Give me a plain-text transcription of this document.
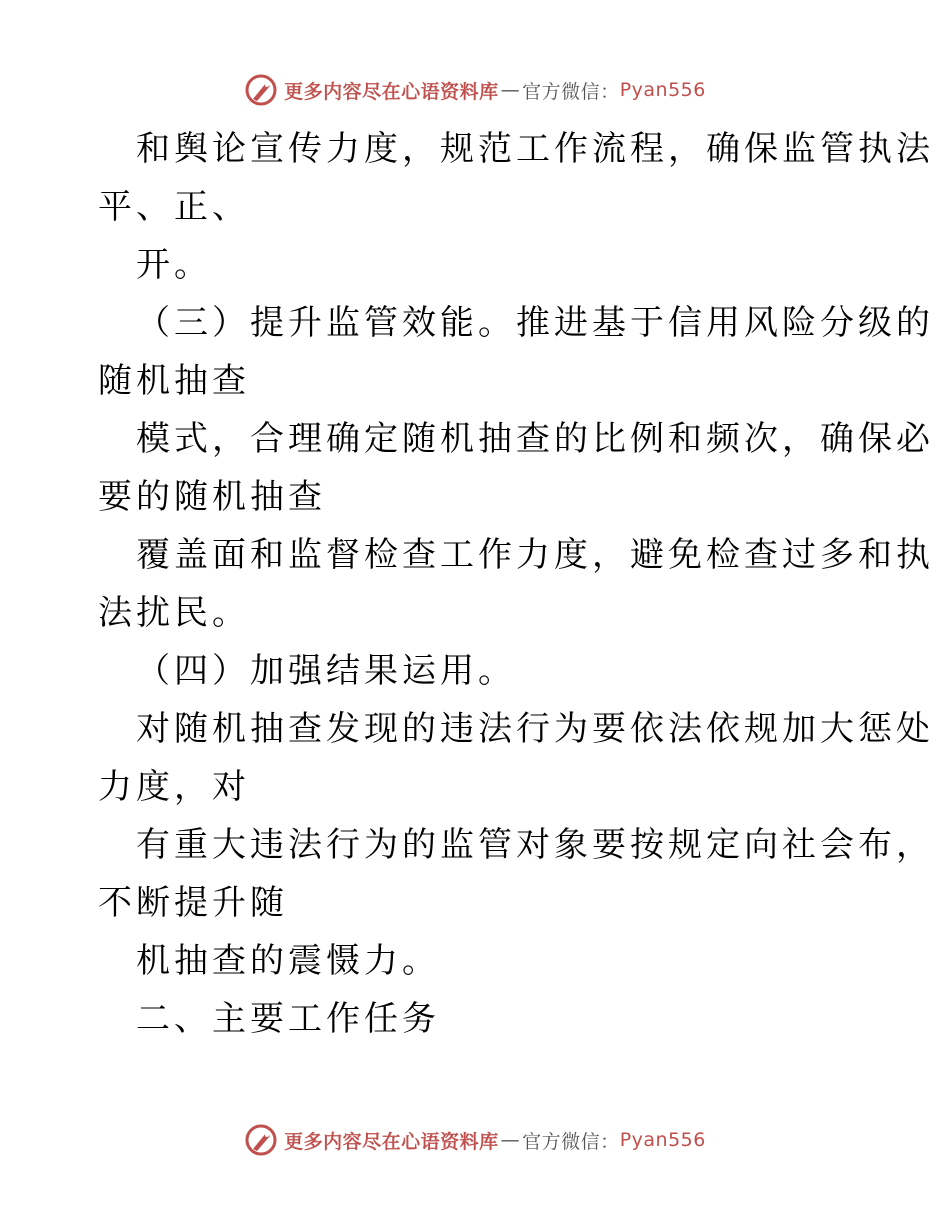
更多内容尽在心语资料库 — 官方微信： Pyan556
和舆论宣传力度，规范工作流程，确保监管执法
平、正、
开。
（三）提升监管效能。推进基于信用风险分级的
随机抽查
模式，合理确定随机抽查的比例和频次，确保必
要的随机抽查
覆盖面和监督检查工作力度，避免检查过多和执
法扰民。
（四）加强结果运用。
对随机抽查发现的违法行为要依法依规加大惩处
力度，对
有重大违法行为的监管对象要按规定向社会布，
不断提升随
机抽查的震慑力。
二、主要工作任务
更多内容尽在心语资料库 — 官方微信： Pyan556
